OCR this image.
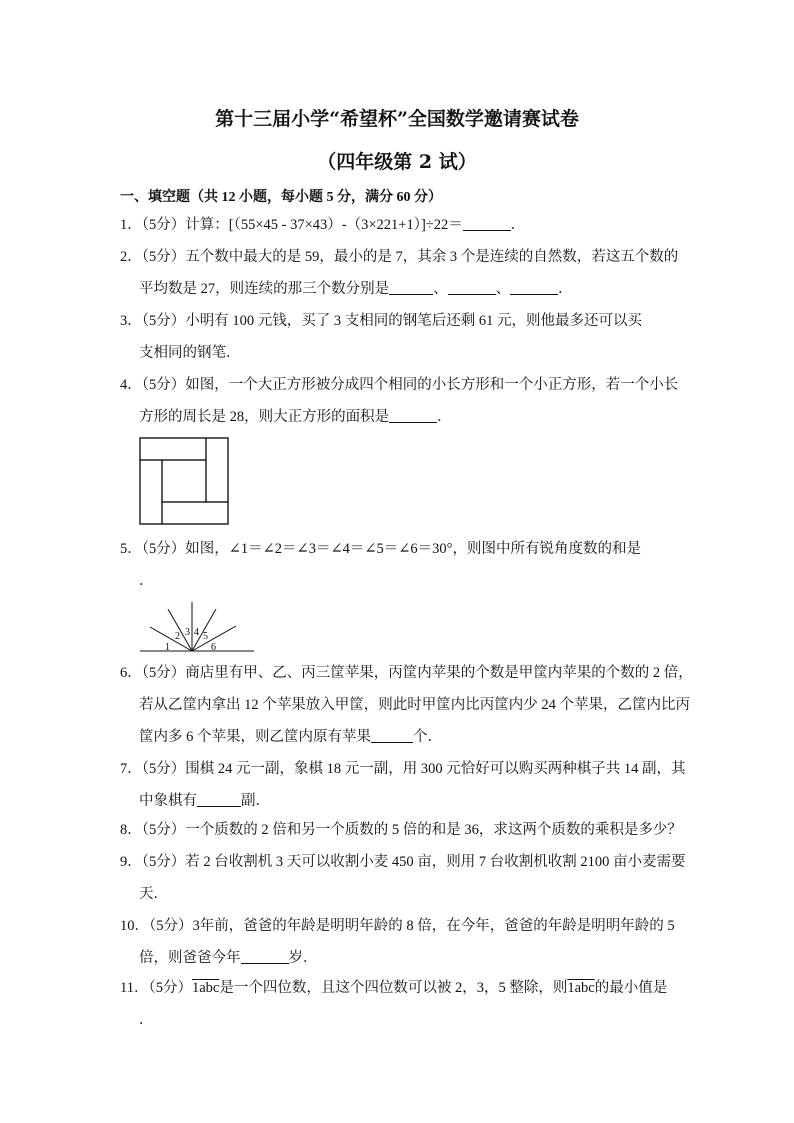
第十三届小学“希望杯”全国数学邀请赛试卷
（四年级第 2 试）
一、填空题（共 12 小题，每小题 5 分，满分 60 分）
1．（5分）计算：[（55×45 - 37×43）-（3×221+1）]÷22＝	．
2．（5分）五个数中最大的是 59，最小的是 7，其余 3 个是连续的自然数，若这五个数的
平均数是 27，则连续的那三个数分别是	、	、	．
3．（5分）小明有 100 元钱，买了 3 支相同的钢笔后还剩 61 元，则他最多还可以买
支相同的钢笔．
4．（5分）如图，一个大正方形被分成四个相同的小长方形和一个小正方形，若一个小长
方形的周长是 28，则大正方形的面积是	．
5．（5分）如图，∠1＝∠2＝∠3＝∠4＝∠5＝∠6＝30°，则图中所有锐角度数的和是
．
1
2 3 4 5
6
6．（5分）商店里有甲、乙、丙三筐苹果，丙筐内苹果的个数是甲筐内苹果的个数的 2 倍，
若从乙筐内拿出 12 个苹果放入甲筐，则此时甲筐内比丙筐内少 24 个苹果，乙筐内比丙
筐内多 6 个苹果，则乙筐内原有苹果	个．
7．（5分）围棋 24 元一副，象棋 18 元一副，用 300 元恰好可以购买两种棋子共 14 副，其
中象棋有	副．
8．（5分）一个质数的 2 倍和另一个质数的 5 倍的和是 36，求这两个质数的乘积是多少？
9．（5分）若 2 台收割机 3 天可以收割小麦 450 亩，则用 7 台收割机收割 2100 亩小麦需要
天．
10．（5分）3年前，爸爸的年龄是明明年龄的 8 倍，在今年，爸爸的年龄是明明年龄的 5
倍，则爸爸今年	岁．
11．（5分）1abc是一个四位数，且这个四位数可以被 2，3，5 整除，则1abc的最小值是
．
